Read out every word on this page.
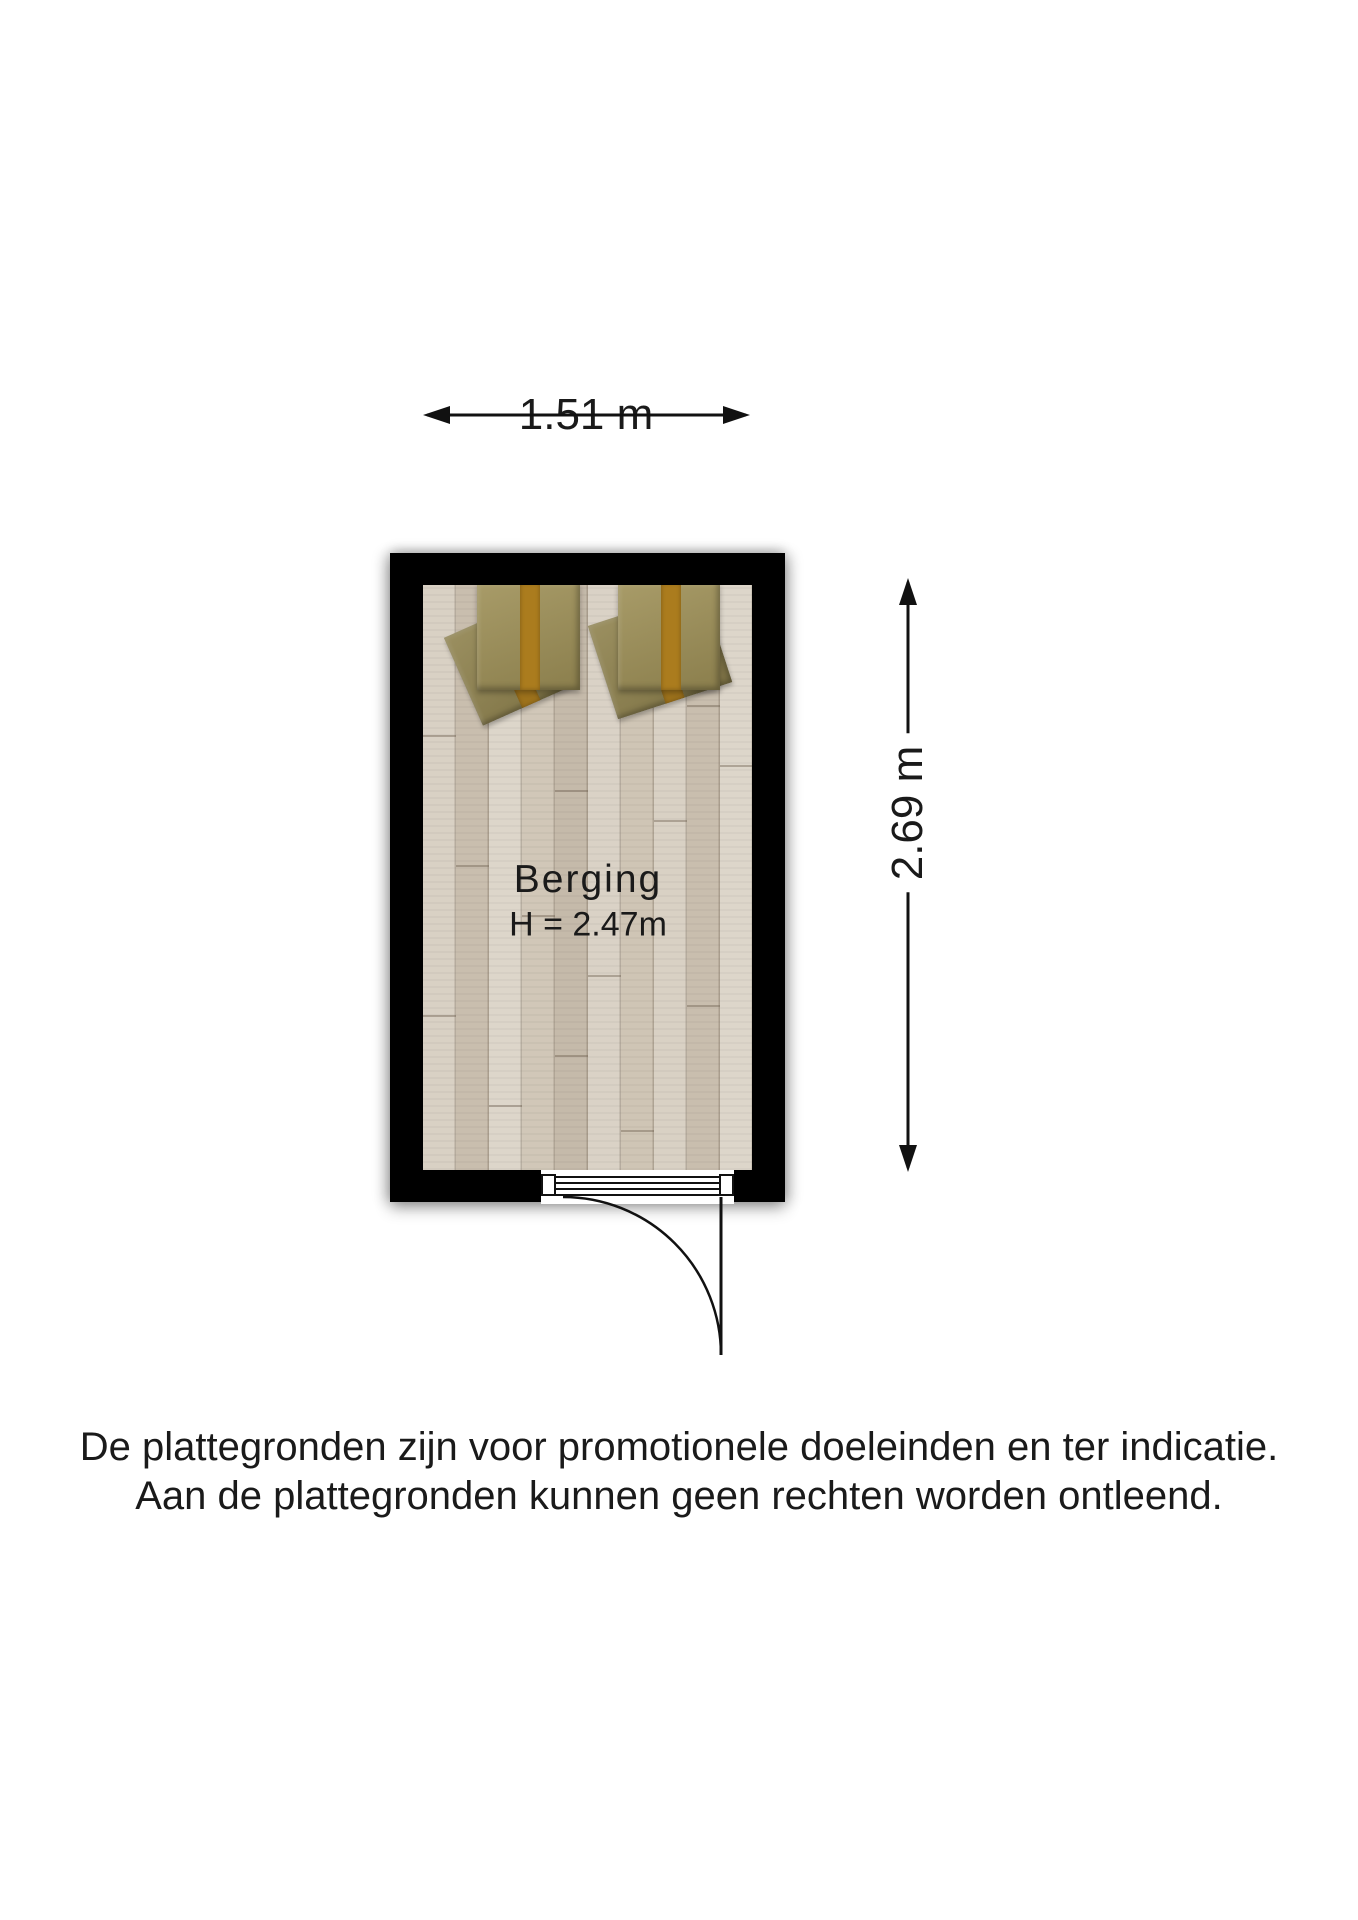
1.51 m
2.69 m
Berging
H = 2.47m
De plattegronden zijn voor promotionele doeleinden en ter indicatie.
Aan de plattegronden kunnen geen rechten worden ontleend.
